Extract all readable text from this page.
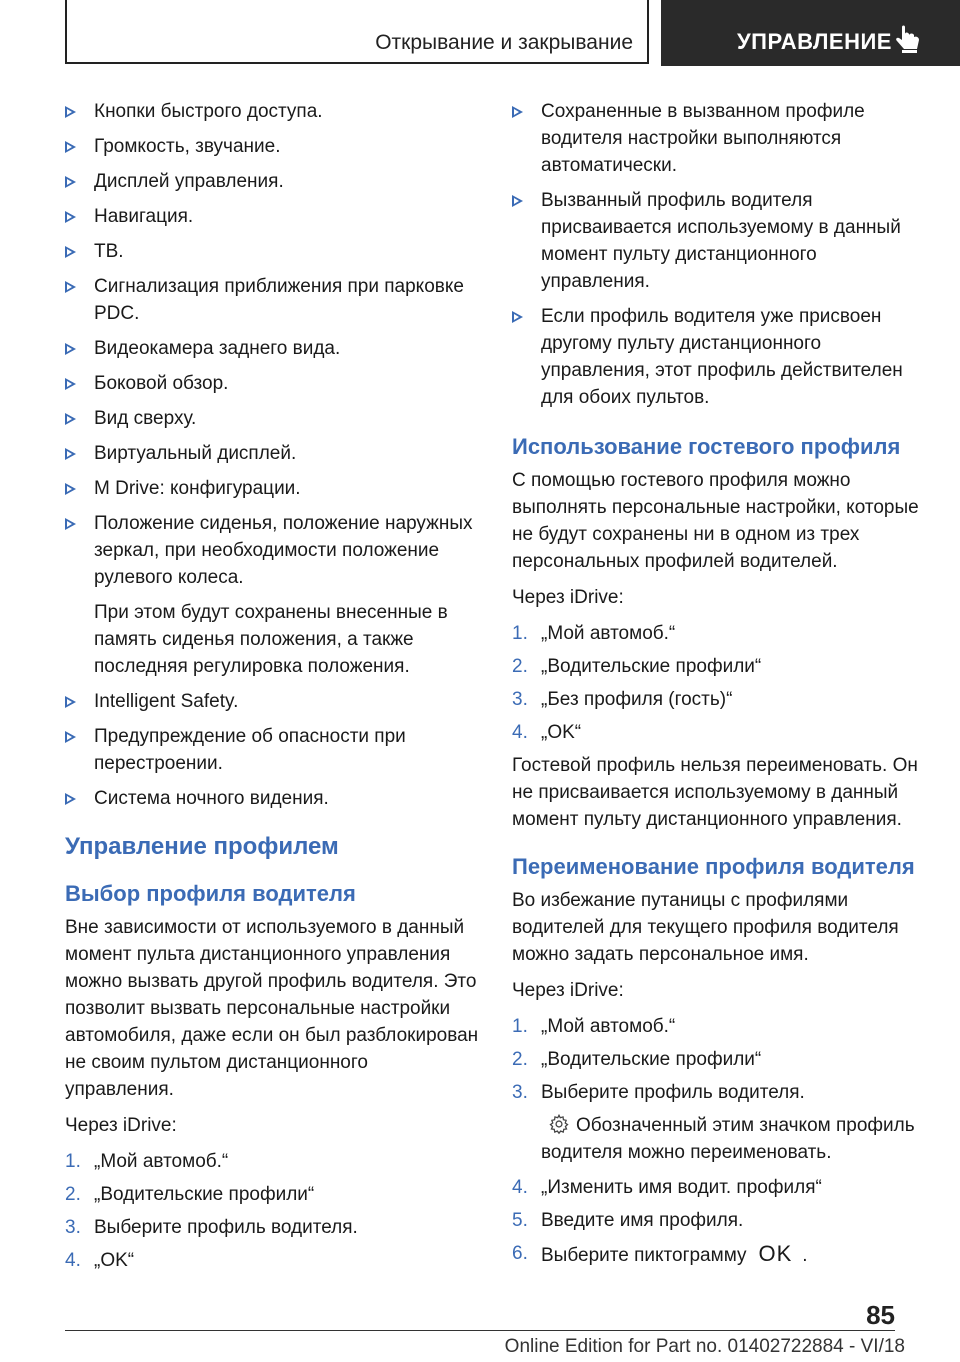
Открывание и закрывание	УПРАВЛЕНИЕ
Кнопки быстрого доступа.
Громкость, звучание.
Дисплей управления.
Навигация.
ТВ.
Сигнализация приближения при парковке PDC.
Видеокамера заднего вида.
Боковой обзор.
Вид сверху.
Виртуальный дисплей.
M Drive: конфигурации.
Положение сиденья, положение наружных зеркал, при необходимости положение рулевого колеса.
При этом будут сохранены внесенные в память сиденья положения, а также последняя регулировка положения.
Intelligent Safety.
Предупреждение об опасности при перестроении.
Система ночного видения.
Управление профилем
Выбор профиля водителя
Вне зависимости от используемого в данный момент пульта дистанционного управления можно вызвать другой профиль водителя. Это позволит вызвать персональные настройки автомобиля, даже если он был разблокирован не своим пультом дистанционного управления.
Через iDrive:
1. „Мой автомоб.“
2. „Водительские профили“
3. Выберите профиль водителя.
4. „OK“
Сохраненные в вызванном профиле водителя настройки выполняются автоматически.
Вызванный профиль водителя присваивается используемому в данный момент пульту дистанционного управления.
Если профиль водителя уже присвоен другому пульту дистанционного управления, этот профиль действителен для обоих пультов.
Использование гостевого профиля
С помощью гостевого профиля можно выполнять персональные настройки, которые не будут сохранены ни в одном из трех персональных профилей водителей.
Через iDrive:
1. „Мой автомоб.“
2. „Водительские профили“
3. „Без профиля (гость)“
4. „OK“
Гостевой профиль нельзя переименовать. Он не присваивается используемому в данный момент пульту дистанционного управления.
Переименование профиля водителя
Во избежание путаницы с профилями водителей для текущего профиля водителя можно задать персональное имя.
Через iDrive:
1. „Мой автомоб.“
2. „Водительские профили“
3. Выберите профиль водителя.
Обозначенный этим значком профиль водителя можно переименовать.
4. „Изменить имя водит. профиля“
5. Введите имя профиля.
6. Выберите пиктограмму OK .
85
Online Edition for Part no. 01402722884 - VI/18
